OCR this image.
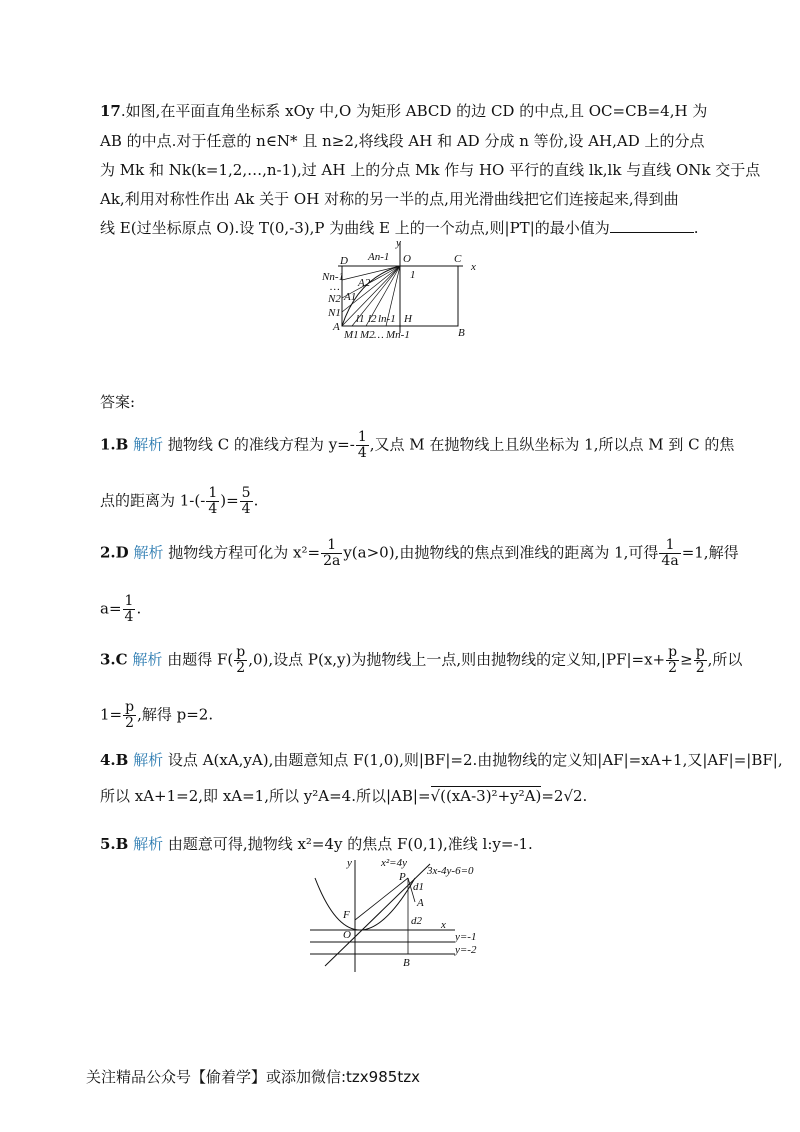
17.如图,在平面直角坐标系 xOy 中,O 为矩形 ABCD 的边 CD 的中点,且 OC=CB=4,H 为
AB 的中点.对于任意的 n∈N* 且 n≥2,将线段 AH 和 AD 分成 n 等份,设 AH,AD 上的分点
为 Mk 和 Nk(k=1,2,…,n-1),过 AH 上的分点 Mk 作与 HO 平行的直线 lk,lk 与直线 ONk 交于点
Ak,利用对称性作出 Ak 关于 OH 对称的另一半的点,用光滑曲线把它们连接起来,得到曲
线 E(过坐标原点 O).设 T(0,-3),P 为曲线 E 上的一个动点,则|PT|的最小值为	.
D An-1 O	C
x
y
1
Nn-1
…
N2
A2
N1
A1
A
l1 l2 ln-1 H
B
M1 M2 … Mn-1
答案:
1.B 解析 抛物线 C 的准线方程为 $y=- \frac{1}{4}$ ,又点 M 在抛物线上且纵坐标为 1,所以点 M 到 C 的焦
点的距离为 $1-(- \frac{1}{4}$ )= $\frac{5}{4}$ .
2.D 解析 抛物线方程可化为 $x^2= \frac{1}{2a} y(a>0)$,由抛物线的焦点到准线的距离为 1,可得 $\frac{1}{4a} =1$,解得
$a= \frac{1}{4}$ .
3.C 解析 由题得 $F( \frac{p}{2} ,0)$,设点 P(x,y)为抛物线上一点,则由抛物线的定义知$,|PF|=x+ \frac{p}{2} \ge \frac{p}{2}$ ,所以
$1= \frac{p}{2}$ ,解得 p=2.
4.B 解析 设点 A(xA,yA),由题意知点 F(1,0),则|BF|=2.由抛物线的定义知|AF|=xA+1,又|AF|=|BF|,
所以 xA+1=2,即 xA=1,所以 y²A=4.所以|AB|=√((xA-3)²+y²A)=2√2.
5.B 解析 由题意可得,抛物线 x²=4y 的焦点 F(0,1),准线 l:y=-1.
y	x²=4y
P 3x-4y-6=0
d1
A
F	d2
O
x
y=-1
y=-2
B
关注精品公众号【偷着学】或添加微信:tzx985tzx
